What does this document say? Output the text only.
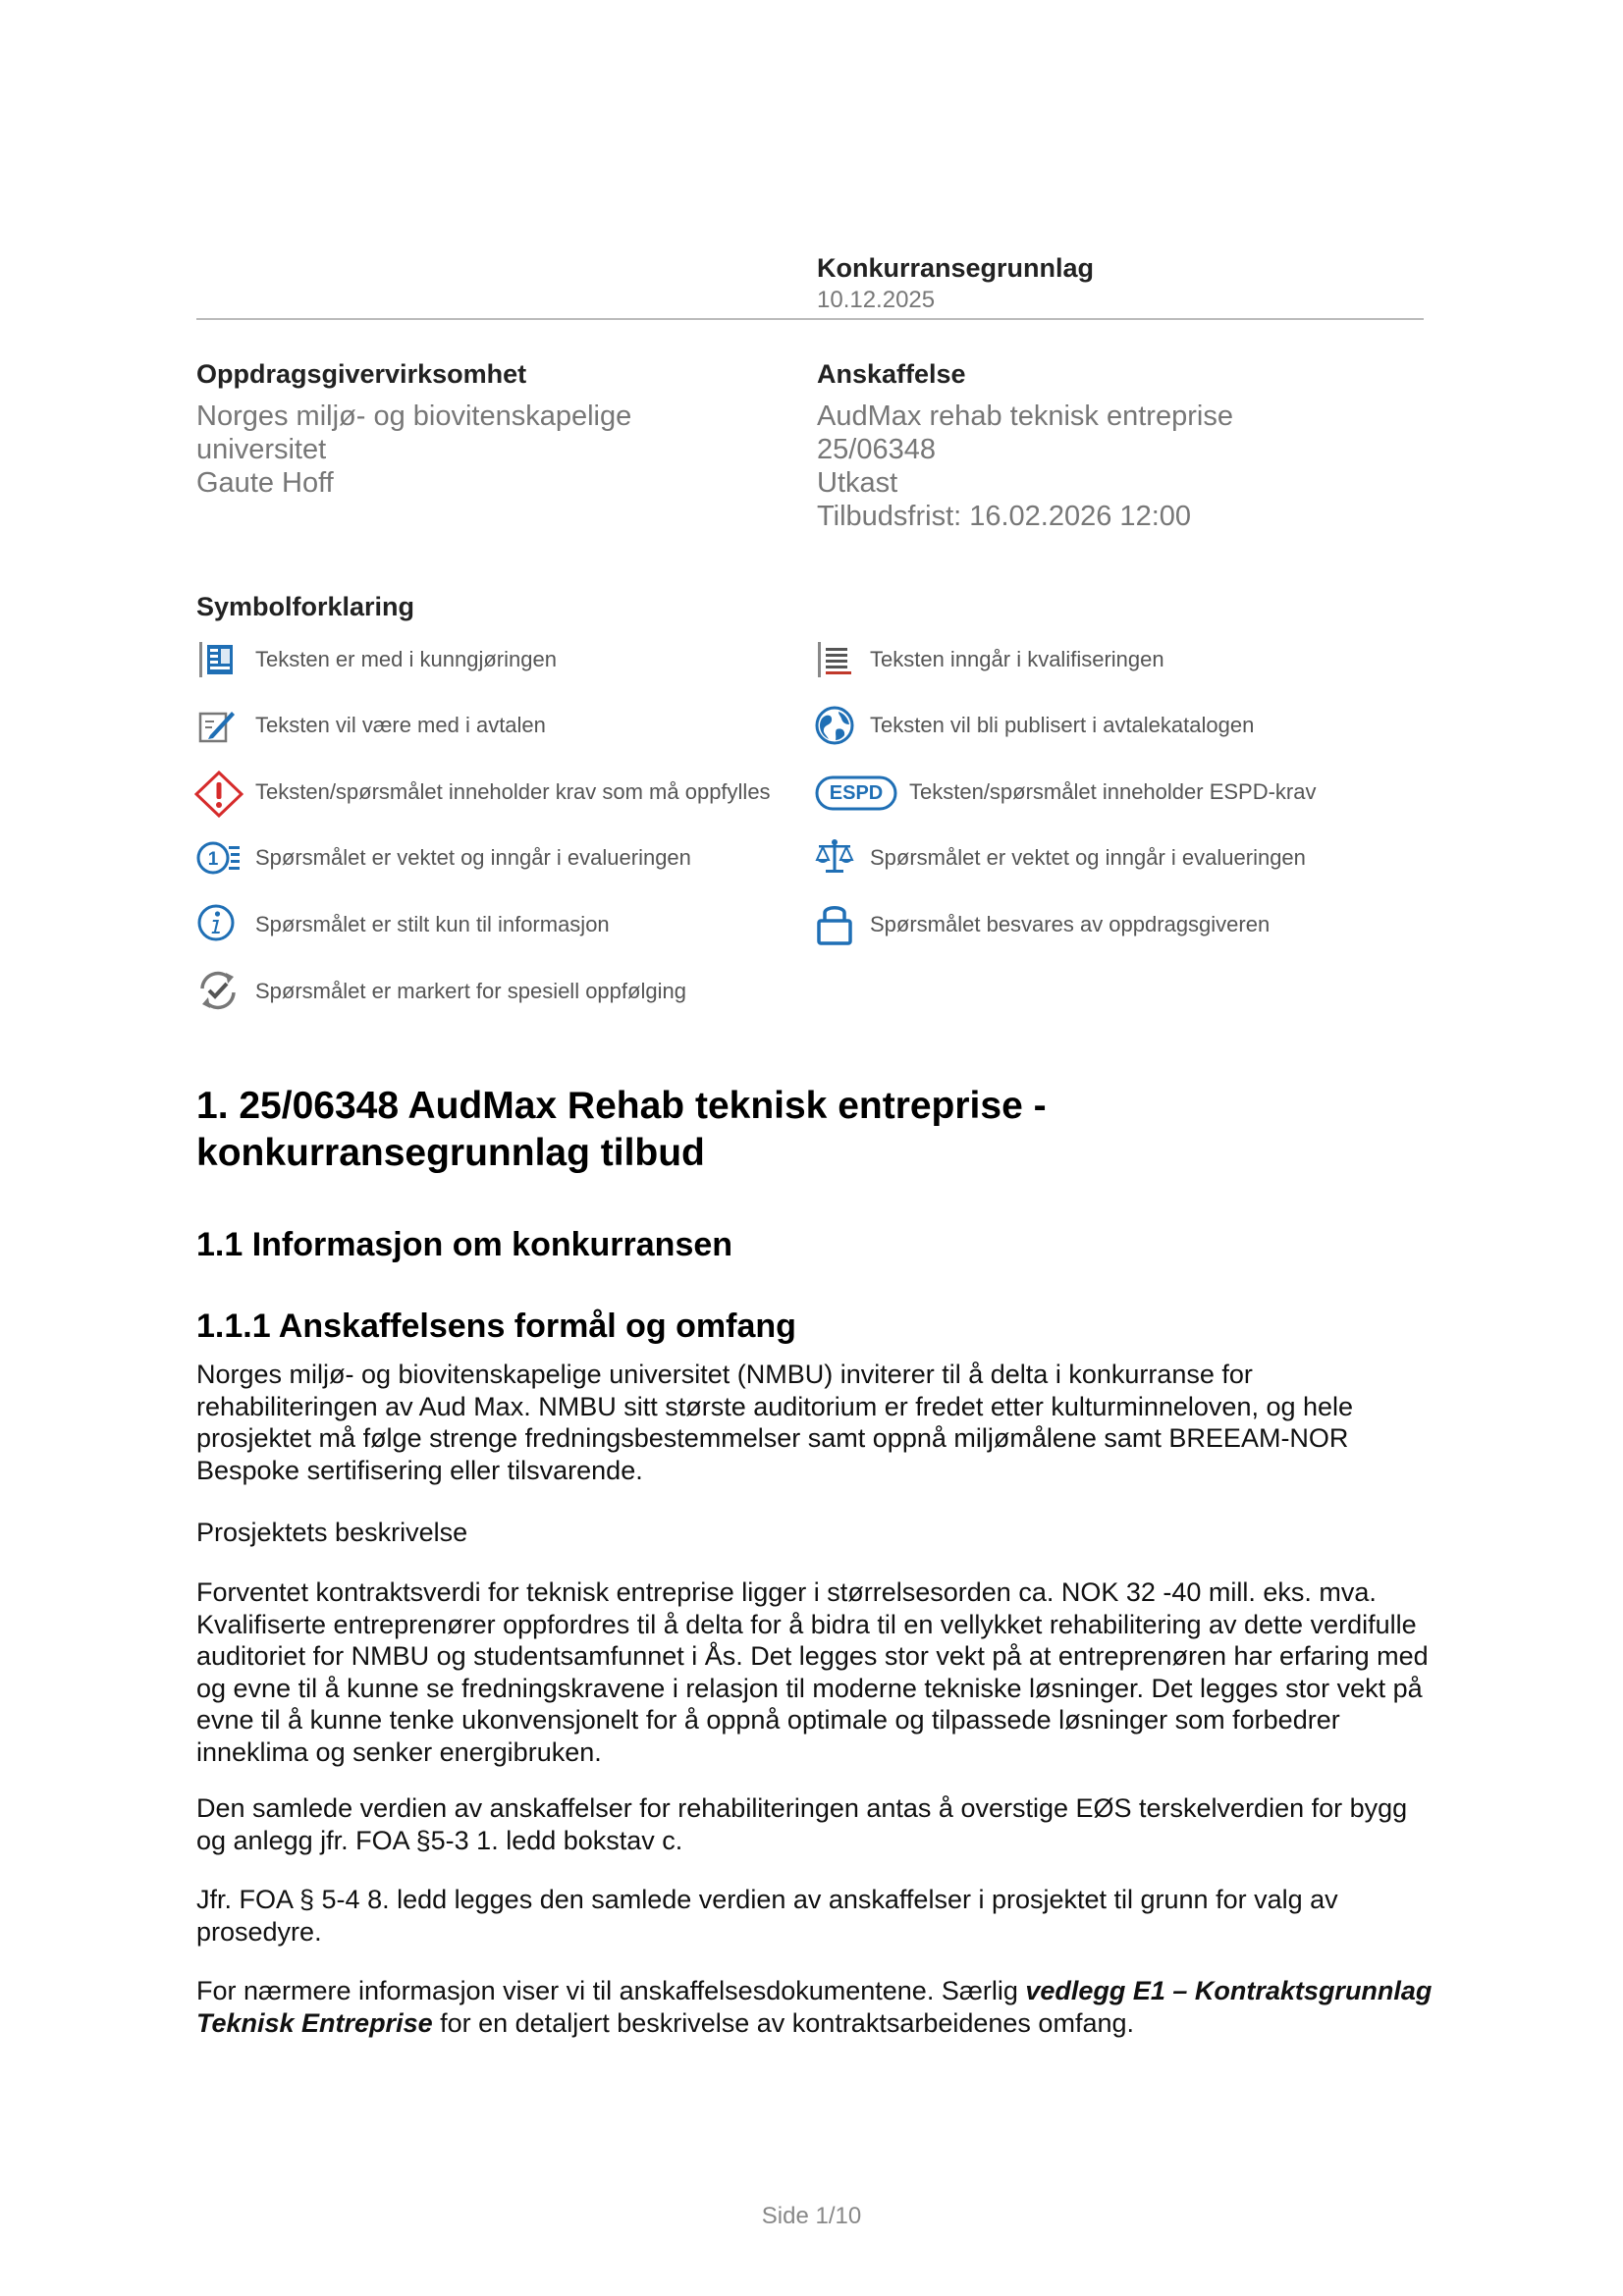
Konkurransegrunnlag
10.12.2025
Oppdragsgivervirksomhet
Norges miljø- og biovitenskapelige
universitet
Gaute Hoff
Anskaffelse
AudMax rehab teknisk entreprise
25/06348
Utkast
Tilbudsfrist: 16.02.2026 12:00
Symbolforklaring
Teksten er med i kunngjøringen	Teksten inngår i kvalifiseringen
Teksten vil være med i avtalen	Teksten vil bli publisert i avtalekatalogen
Teksten/spørsmålet inneholder krav som må oppfylles	ESPD	Teksten/spørsmålet inneholder ESPD-krav
1 Spørsmålet er vektet og inngår i evalueringen	Spørsmålet er vektet og inngår i evalueringen
Spørsmålet er stilt kun til informasjon	Spørsmålet besvares av oppdragsgiveren
Spørsmålet er markert for spesiell oppfølging
1. 25/06348 AudMax Rehab teknisk entreprise - konkurransegrunnlag tilbud
1.1 Informasjon om konkurransen
1.1.1 Anskaffelsens formål og omfang
Norges miljø- og biovitenskapelige universitet (NMBU) inviterer til å delta i konkurranse for rehabiliteringen av Aud Max. NMBU sitt største auditorium er fredet etter kulturminneloven, og hele prosjektet må følge strenge fredningsbestemmelser samt oppnå miljømålene samt BREEAM-NOR Bespoke sertifisering eller tilsvarende.
Prosjektets beskrivelse
Forventet kontraktsverdi for teknisk entreprise ligger i størrelsesorden ca. NOK 32 -40 mill. eks. mva. Kvalifiserte entreprenører oppfordres til å delta for å bidra til en vellykket rehabilitering av dette verdifulle auditoriet for NMBU og studentsamfunnet i Ås. Det legges stor vekt på at entreprenøren har erfaring med og evne til å kunne se fredningskravene i relasjon til moderne tekniske løsninger. Det legges stor vekt på evne til å kunne tenke ukonvensjonelt for å oppnå optimale og tilpassede løsninger som forbedrer inneklima og senker energibruken.
Den samlede verdien av anskaffelser for rehabiliteringen antas å overstige EØS terskelverdien for bygg og anlegg jfr. FOA §5-3 1. ledd bokstav c.
Jfr. FOA § 5-4 8. ledd legges den samlede verdien av anskaffelser i prosjektet til grunn for valg av prosedyre.
For nærmere informasjon viser vi til anskaffelsesdokumentene. Særlig vedlegg E1 – Kontraktsgrunnlag Teknisk Entreprise for en detaljert beskrivelse av kontraktsarbeidenes omfang.
Side 1/10
